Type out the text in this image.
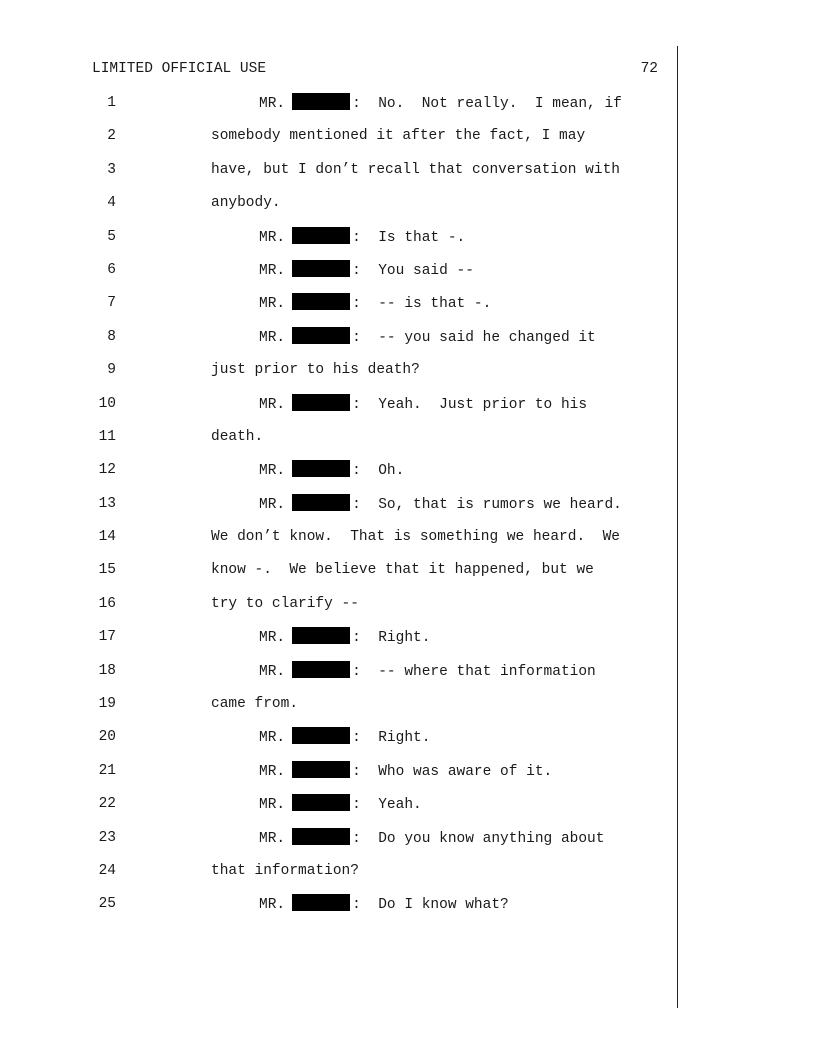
LIMITED OFFICIAL USE	72
1	MR.	:  No.  Not really.  I mean, if
2	somebody mentioned it after the fact, I may
3	have, but I don’t recall that conversation with
4	anybody.
5	MR.	:  Is that -.
6	MR.	:  You said --
7	MR.	:  -- is that -.
8	MR.	:  -- you said he changed it
9	just prior to his death?
10	MR.	:  Yeah.  Just prior to his
11	death.
12	MR.	:  Oh.
13	MR.	:  So, that is rumors we heard.
14	We don’t know.  That is something we heard.  We
15	know -.  We believe that it happened, but we
16	try to clarify --
17	MR.	:  Right.
18	MR.	:  -- where that information
19	came from.
20	MR.	:  Right.
21	MR.	:  Who was aware of it.
22	MR.	:  Yeah.
23	MR.	:  Do you know anything about
24	that information?
25	MR.	:  Do I know what?
